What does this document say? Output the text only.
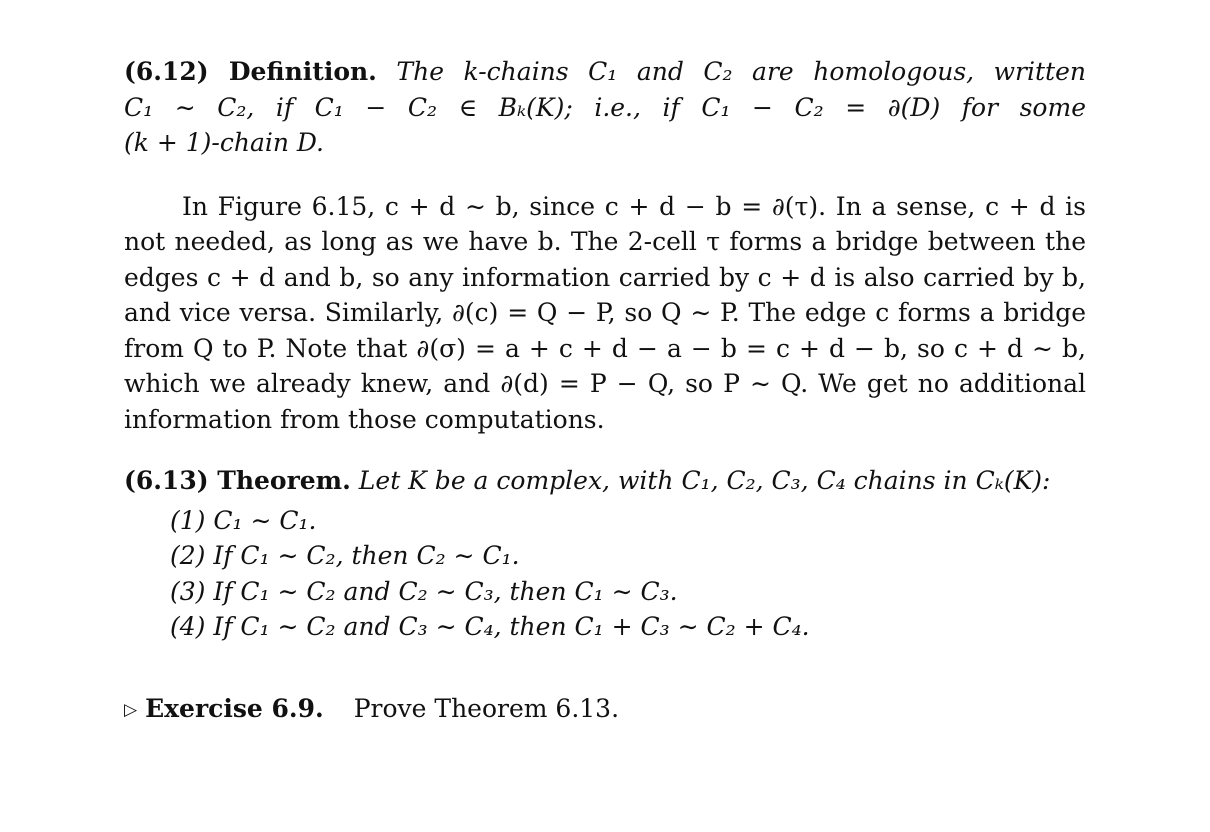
(6.12) Definition. The k-chains C₁ and C₂ are homologous, written
C₁ ∼ C₂, if C₁ − C₂ ∈ Bₖ(K); i.e., if C₁ − C₂ = ∂(D) for some
(k + 1)-chain D.

In Figure 6.15, c + d ∼ b, since c + d − b = ∂(τ). In a sense, c + d is not needed, as long as we have b. The 2-cell τ forms a bridge between the edges c + d and b, so any information carried by c + d is also carried by b, and vice versa. Similarly, ∂(c) = Q − P, so Q ∼ P. The edge c forms a bridge from Q to P. Note that ∂(σ) = a + c + d − a − b = c + d − b, so c + d ∼ b, which we already knew, and ∂(d) = P − Q, so P ∼ Q. We get no additional information from those computations.

(6.13) Theorem. Let K be a complex, with C₁, C₂, C₃, C₄ chains in Cₖ(K):

(1) C₁ ∼ C₁.
(2) If C₁ ∼ C₂, then C₂ ∼ C₁.
(3) If C₁ ∼ C₂ and C₂ ∼ C₃, then C₁ ∼ C₃.
(4) If C₁ ∼ C₂ and C₃ ∼ C₄, then C₁ + C₃ ∼ C₂ + C₄.

▷ Exercise 6.9. Prove Theorem 6.13.
